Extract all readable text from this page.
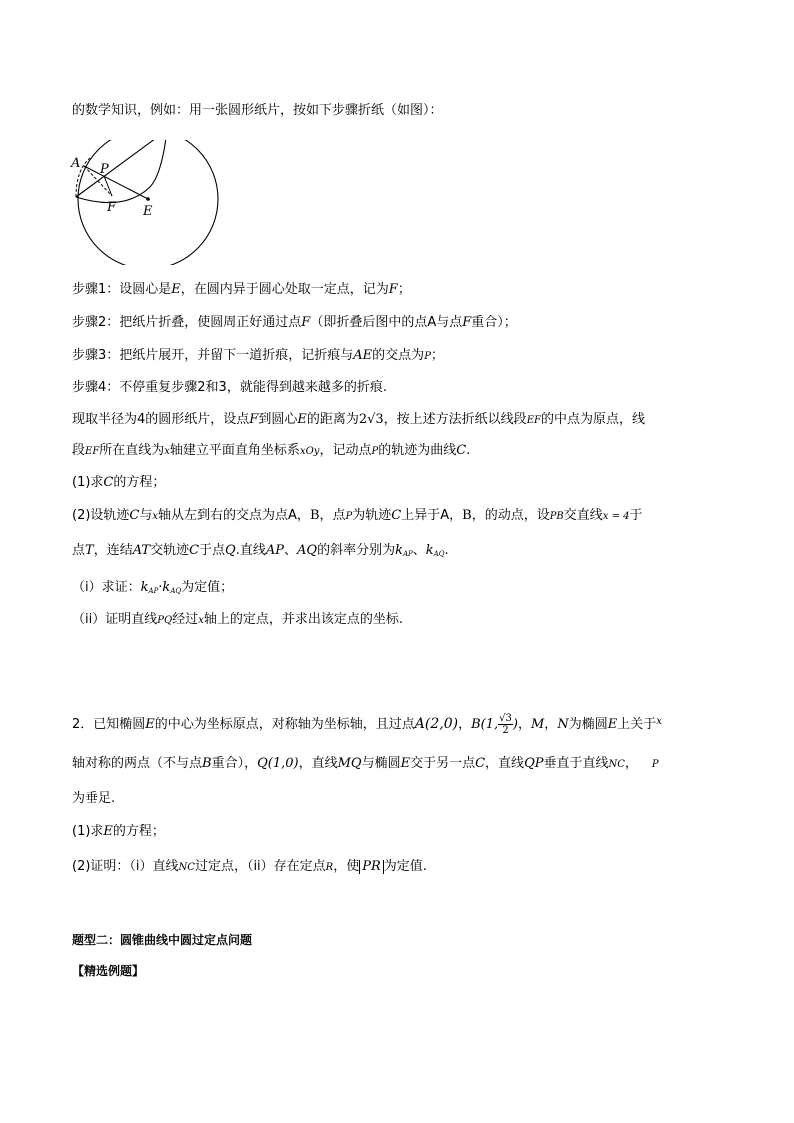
的数学知识，例如：用一张圆形纸片，按如下步骤折纸（如图）：
A P
F E
步骤1：设圆心是E，在圆内异于圆心处取一定点，记为F；
步骤2：把纸片折叠，使圆周正好通过点F（即折叠后图中的点A与点F重合）；
步骤3：把纸片展开，并留下一道折痕，记折痕与AE的交点为P；
步骤4：不停重复步骤2和3，就能得到越来越多的折痕.
现取半径为4的圆形纸片，设点F到圆心E的距离为2√3，按上述方法折纸以线段EF的中点为原点，线
段EF所在直线为x轴建立平面直角坐标系xOy，记动点P的轨迹为曲线C.
(1)求C的方程；
(2)设轨迹C与x轴从左到右的交点为点A，B，点P为轨迹C上异于A，B，的动点，设PB交直线x = 4于
点T，连结AT交轨迹C于点Q.直线AP、AQ的斜率分别为$k_{AP}$、$k_{AQ}$.
（i）求证：$k_{AP}\cdot k_{AQ}$为定值；
（ii）证明直线PQ经过x轴上的定点，并求出该定点的坐标.
2．已知椭圆E的中心为坐标原点，对称轴为坐标轴，且过点A(2,0)，B(1, $\frac{√3}{2}$ )，M，N为椭圆E上关于$^x$
轴对称的两点（不与点B重合），Q(1,0)，直线MQ与椭圆E交于另一点C，直线QP垂直于直线NC， P
为垂足.
(1)求E的方程；
(2)证明：（i）直线NC过定点，（ii）存在定点R，使 PR 为定值.
题型二：圆锥曲线中圆过定点问题
【精选例题】
